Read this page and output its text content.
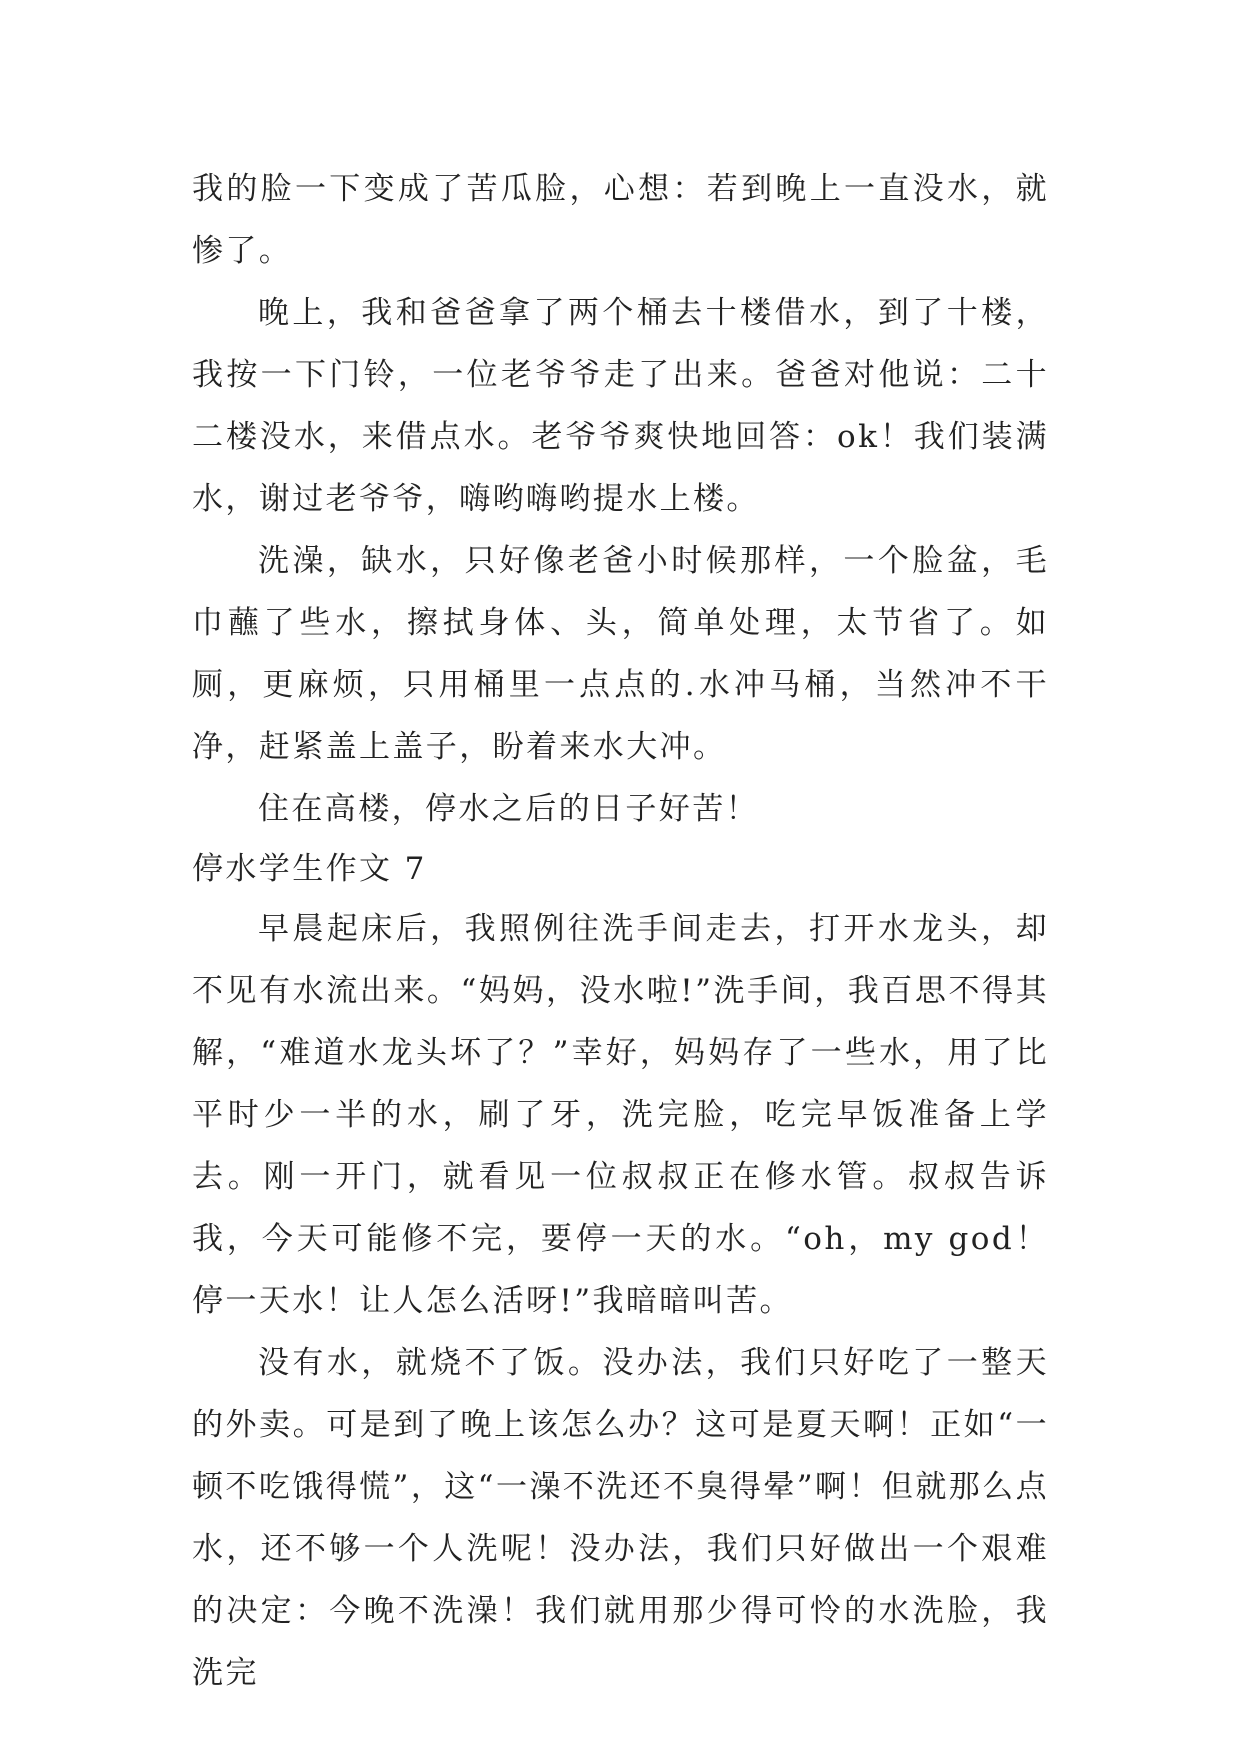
我的脸一下变成了苦瓜脸，心想：若到晚上一直没水，就惨了。

晚上，我和爸爸拿了两个桶去十楼借水，到了十楼，我按一下门铃，一位老爷爷走了出来。爸爸对他说：二十二楼没水，来借点水。老爷爷爽快地回答：ok！我们装满水，谢过老爷爷，嗨哟嗨哟提水上楼。

洗澡，缺水，只好像老爸小时候那样，一个脸盆，毛巾蘸了些水，擦拭身体、头，简单处理，太节省了。如厕，更麻烦，只用桶里一点点的.水冲马桶，当然冲不干净，赶紧盖上盖子，盼着来水大冲。

住在高楼，停水之后的日子好苦！

停水学生作文 7

早晨起床后，我照例往洗手间走去，打开水龙头，却不见有水流出来。“妈妈，没水啦!”洗手间，我百思不得其解，“难道水龙头坏了？”幸好，妈妈存了一些水，用了比平时少一半的水，刷了牙，洗完脸，吃完早饭准备上学去。刚一开门，就看见一位叔叔正在修水管。叔叔告诉我，今天可能修不完，要停一天的水。“oh，my god！停一天水！让人怎么活呀!”我暗暗叫苦。

没有水，就烧不了饭。没办法，我们只好吃了一整天的外卖。可是到了晚上该怎么办？这可是夏天啊！正如“一顿不吃饿得慌”，这“一澡不洗还不臭得晕”啊！但就那么点水，还不够一个人洗呢！没办法，我们只好做出一个艰难的决定：今晚不洗澡！我们就用那少得可怜的水洗脸，我洗完
